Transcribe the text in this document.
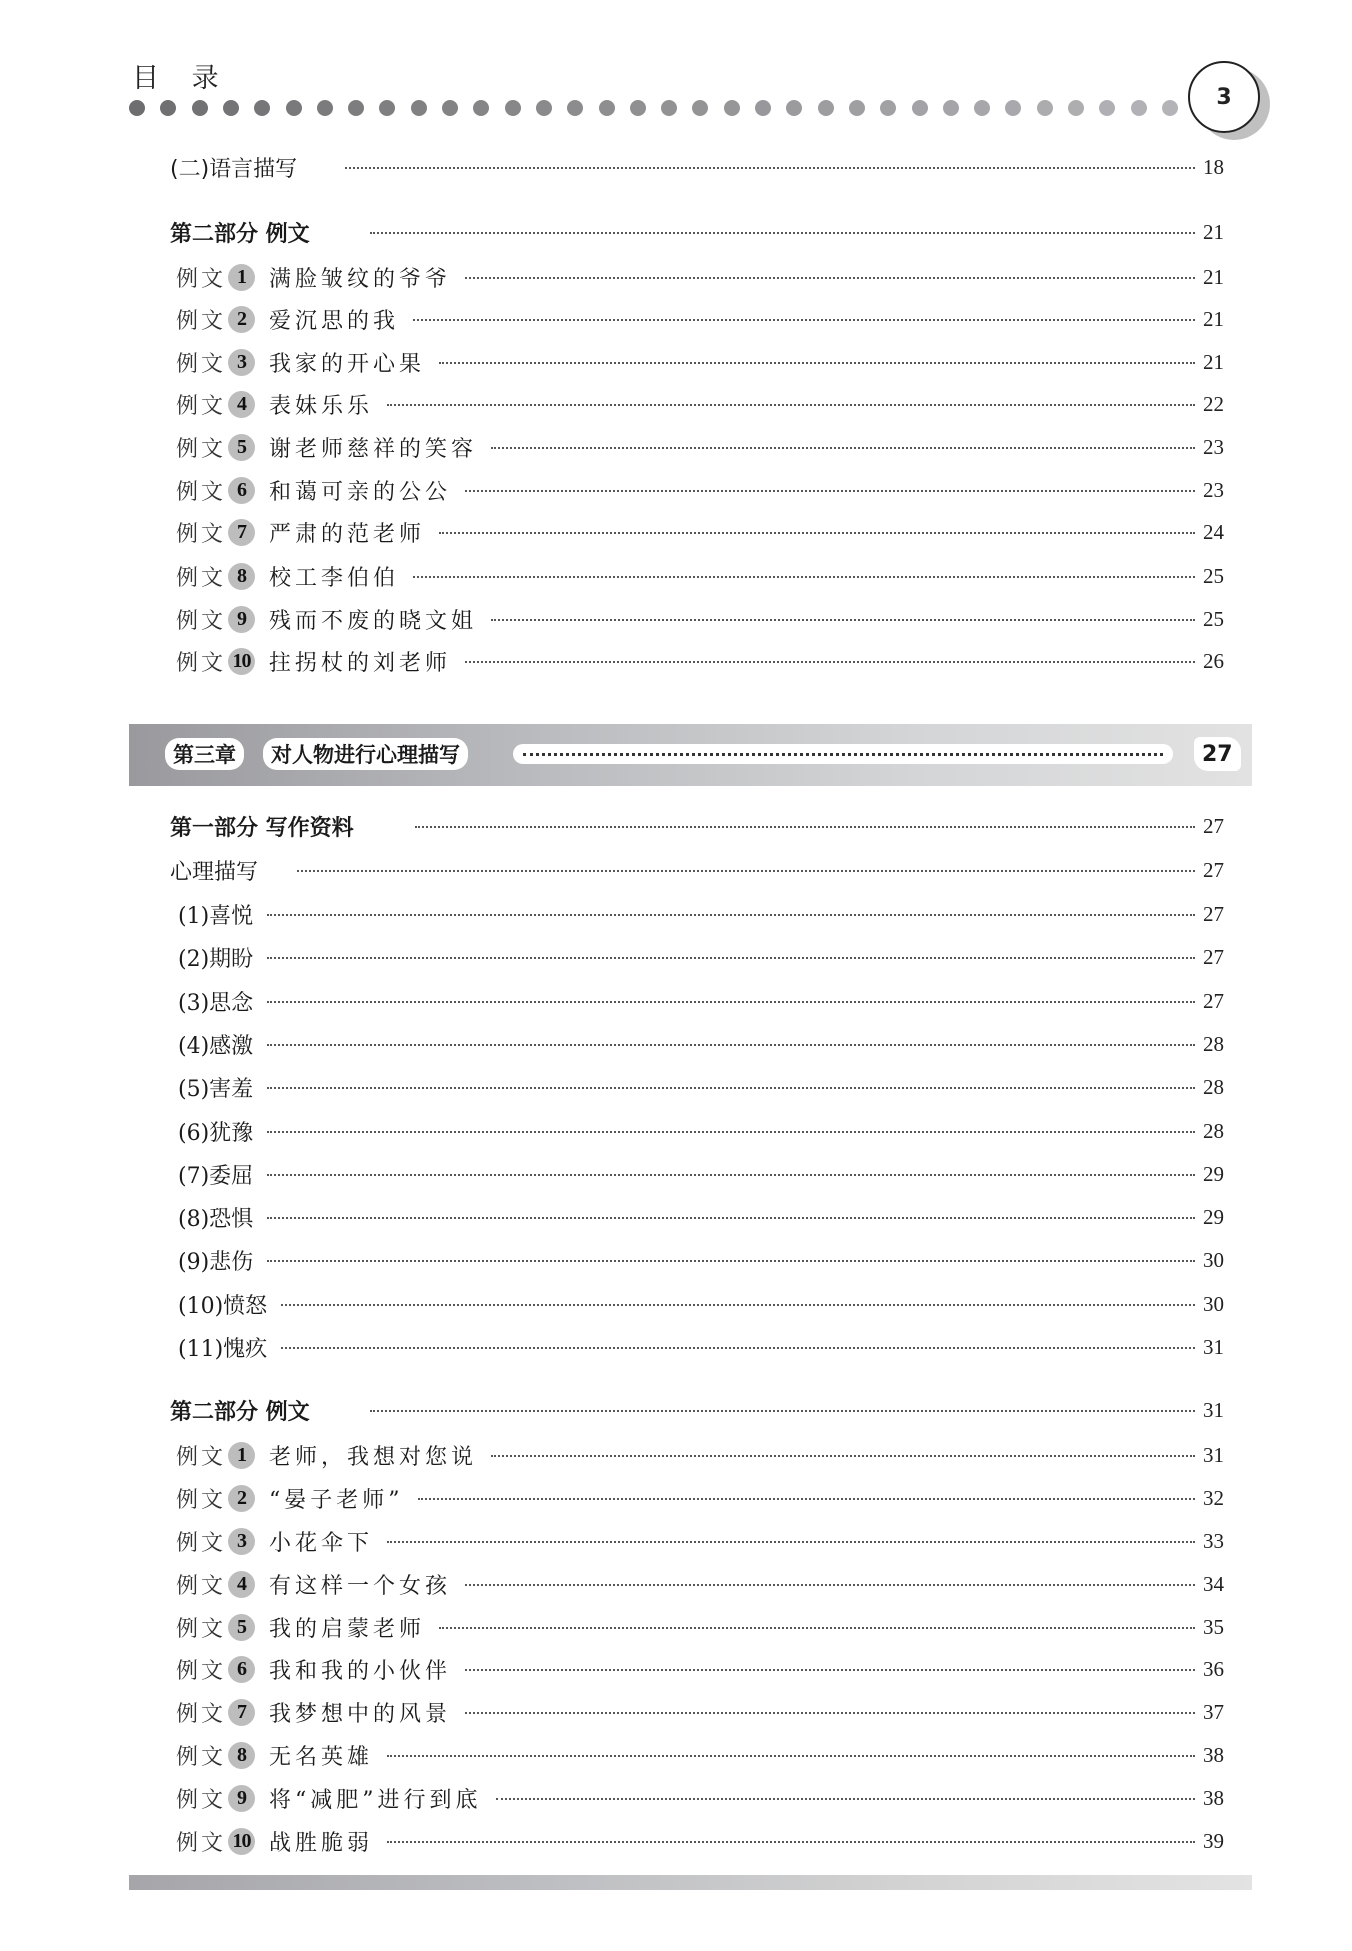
目 录
3
(二)语言描写	18
第二部分 例文	21
例文 1	满脸皱纹的爷爷	21
例文 2	爱沉思的我	21
例文 3	我家的开心果	21
例文 4	表妹乐乐	22
例文 5	谢老师慈祥的笑容	23
例文 6	和蔼可亲的公公	23
例文 7	严肃的范老师	24
例文 8	校工李伯伯	25
例文 9	残而不废的晓文姐	25
例文 10 拄拐杖的刘老师	26
第三章	对人物进行心理描写	27
第一部分 写作资料	27
心理描写	27
(1)喜悦	27
(2)期盼	27
(3)思念	27
(4)感激	28
(5)害羞	28
(6)犹豫	28
(7)委屈	29
(8)恐惧	29
(9)悲伤	30
(10)愤怒	30
(11)愧疚	31
第二部分 例文	31
例文 1	老师，我想对您说	31
例文 2	“晏子老师”	32
例文 3	小花伞下	33
例文 4	有这样一个女孩	34
例文 5	我的启蒙老师	35
例文 6	我和我的小伙伴	36
例文 7	我梦想中的风景	37
例文 8	无名英雄	38
例文 9	将“减肥”进行到底	38
例文 10 战胜脆弱	39
